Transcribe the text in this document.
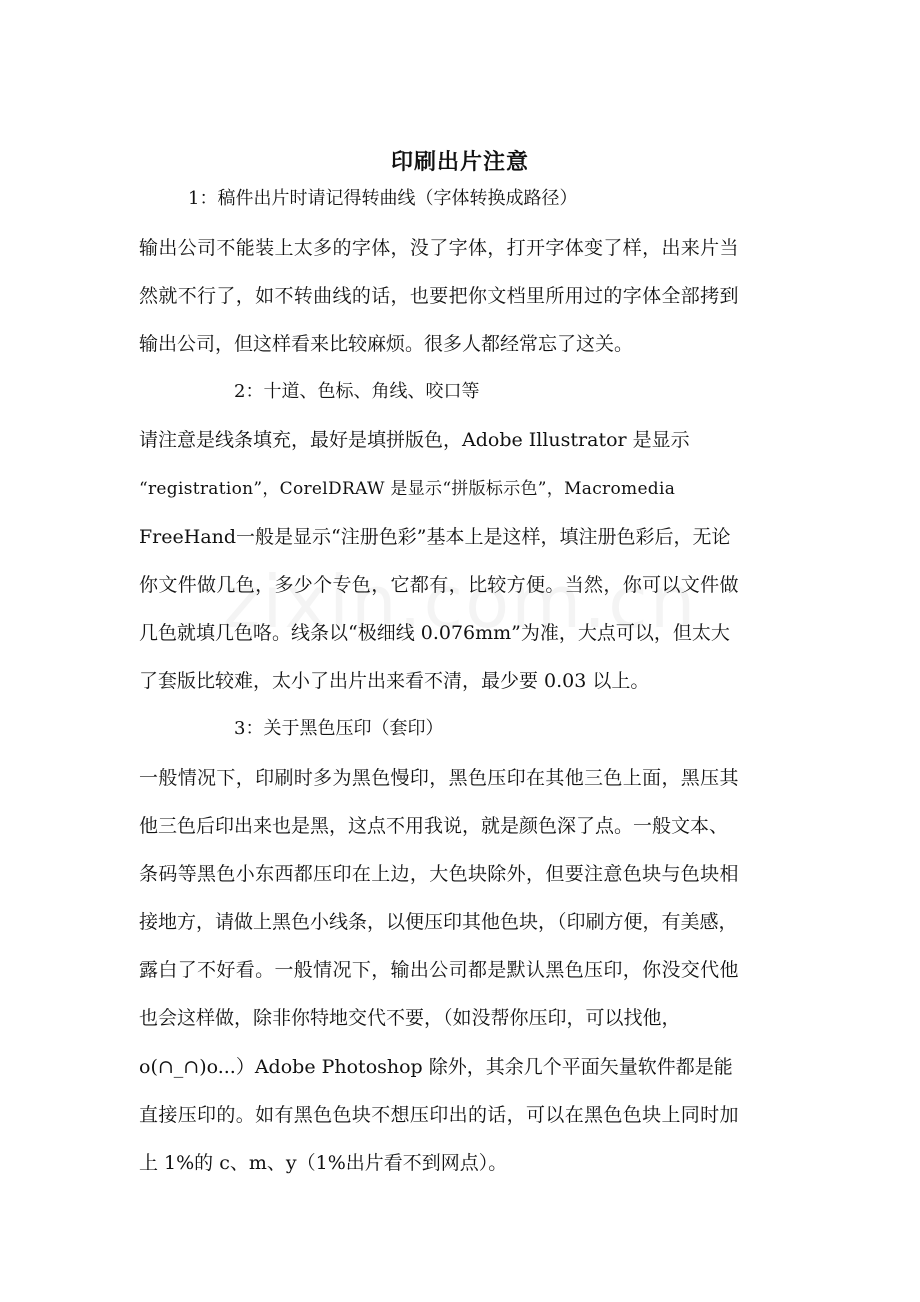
印刷出片注意
1：稿件出片时请记得转曲线（字体转换成路径）
输出公司不能装上太多的字体，没了字体，打开字体变了样，出来片当
然就不行了，如不转曲线的话，也要把你文档里所用过的字体全部拷到
输出公司，但这样看来比较麻烦。很多人都经常忘了这关。
2：十道、色标、角线、咬口等
请注意是线条填充，最好是填拼版色，Adobe Illustrator 是显示
“registration”，CorelDRAW 是显示“拼版标示色”，Macromedia
FreeHand一般是显示“注册色彩”基本上是这样，填注册色彩后，无论
你文件做几色，多少个专色，它都有，比较方便。当然，你可以文件做
几色就填几色咯。线条以“极细线 0.076mm”为准，大点可以，但太大
了套版比较难，太小了出片出来看不清，最少要 0.03 以上。
3：关于黑色压印（套印）
一般情况下，印刷时多为黑色慢印，黑色压印在其他三色上面，黑压其
他三色后印出来也是黑，这点不用我说，就是颜色深了点。一般文本、
条码等黑色小东西都压印在上边，大色块除外，但要注意色块与色块相
接地方，请做上黑色小线条，以便压印其他色块，（印刷方便，有美感，
露白了不好看。一般情况下，输出公司都是默认黑色压印，你没交代他
也会这样做，除非你特地交代不要，（如没帮你压印，可以找他，
o(∩_∩)o...）Adobe Photoshop 除外，其余几个平面矢量软件都是能
直接压印的。如有黑色色块不想压印出的话，可以在黑色色块上同时加
上 1%的 c、m、y（1%出片看不到网点）。
